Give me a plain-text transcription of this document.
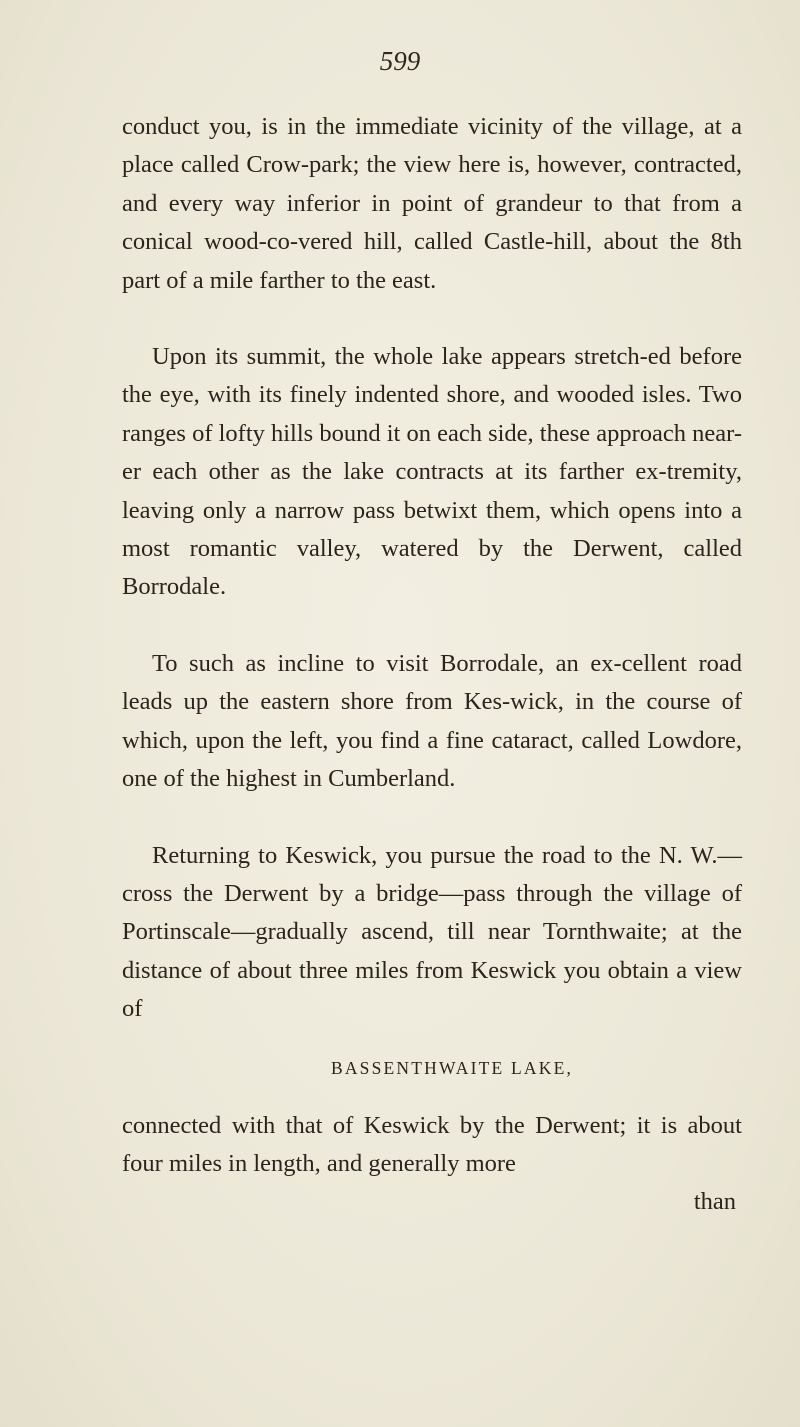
599

conduct you, is in the immediate vicinity of the village, at a place called Crow-park; the view here is, however, contracted, and every way inferior in point of grandeur to that from a conical wood-co-vered hill, called Castle-hill, about the 8th part of a mile farther to the east.

Upon its summit, the whole lake appears stretch-ed before the eye, with its finely indented shore, and wooded isles. Two ranges of lofty hills bound it on each side, these approach near-er each other as the lake contracts at its farther ex-tremity, leaving only a narrow pass betwixt them, which opens into a most romantic valley, watered by the Derwent, called Borrodale.

To such as incline to visit Borrodale, an ex-cellent road leads up the eastern shore from Kes-wick, in the course of which, upon the left, you find a fine cataract, called Lowdore, one of the highest in Cumberland.

Returning to Keswick, you pursue the road to the N. W.—cross the Derwent by a bridge—pass through the village of Portinscale—gradually ascend, till near Tornthwaite; at the distance of about three miles from Keswick you obtain a view of

BASSENTHWAITE LAKE,

connected with that of Keswick by the Derwent; it is about four miles in length, and generally more

than
